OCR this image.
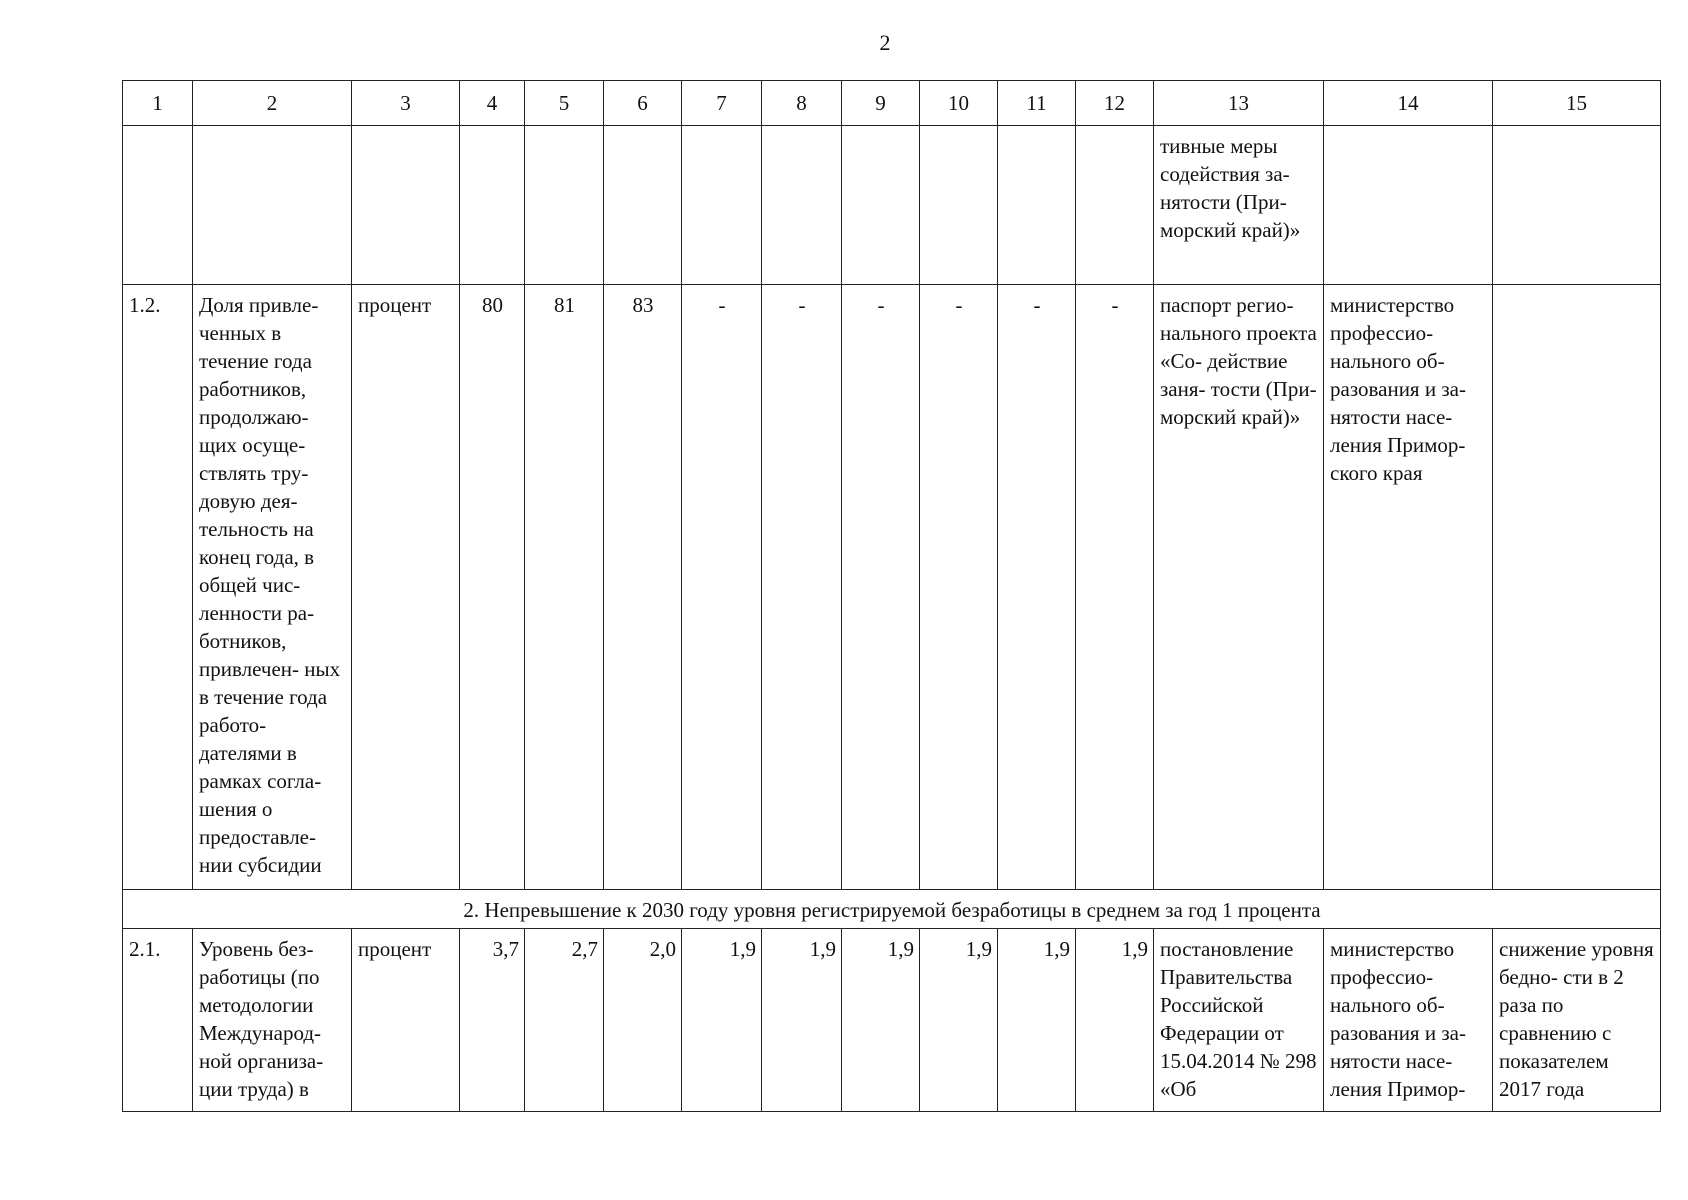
2
1	2	3	4	5	6	7	8	9	10	11	12	13	14	15
												тивные меры содействия за- нятости (При- морский край)»		
1.2.	Доля привле- ченных в течение года работников, продолжаю- щих осуще- ствлять тру- довую дея- тельность на конец года, в общей чис- ленности ра- ботников, привлечен- ных в течение года работо- дателями в рамках согла- шения о предоставле- нии субсидии	процент	80	81	83	-	-	-	-	-	-	паспорт регио- нального проекта «Со- действие заня- тости (При- морский край)»	министерство профессио- нального об- разования и за- нятости насе- ления Примор- ского края	
2. Непревышение к 2030 году уровня регистрируемой безработицы в среднем за год 1 процента														
2.1.	Уровень без- работицы (по методологии Международ- ной организа- ции труда) в	процент	3,7	2,7	2,0	1,9	1,9	1,9	1,9	1,9	1,9	постановление Правительства Российской Федерации от 15.04.2014 № 298 «Об	министерство профессио- нального об- разования и за- нятости насе- ления Примор-	снижение уровня бедно- сти в 2 раза по сравнению с показателем 2017 года
